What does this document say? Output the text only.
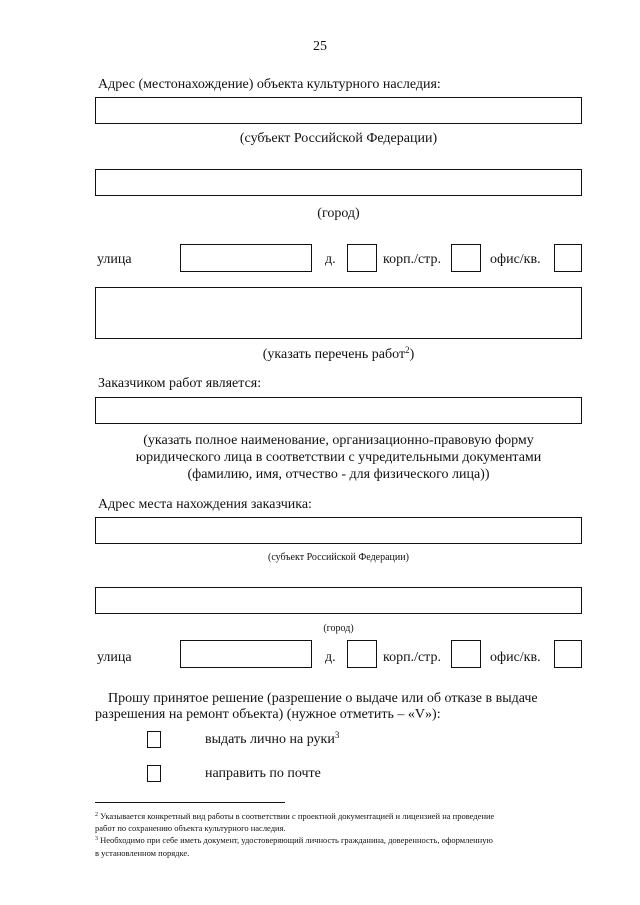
25
Адрес (местонахождение) объекта культурного наследия:
(субъект Российской Федерации)
(город)
улица	д.	корп./стр.	офис/кв.
(указать перечень работ$^2$)
Заказчиком работ является:
(указать полное наименование, организационно-правовую форму
юридического лица в соответствии с учредительными документами
(фамилию, имя, отчество - для физического лица))
Адрес места нахождения заказчика:
(субъект Российской Федерации)
(город)
улица	д.	корп./стр.	офис/кв.
Прошу принятое решение (разрешение о выдаче или об отказе в выдаче
разрешения на ремонт объекта) (нужное отметить – «V»):
выдать лично на руки$^3$
направить по почте
$^2$ Указывается конкретный вид работы в соответствии с проектной документацией и лицензией на проведение
работ по сохранению объекта культурного наследия.
$^3$ Необходимо при себе иметь документ, удостоверяющий личность гражданина, доверенность, оформленную
в установленном порядке.
